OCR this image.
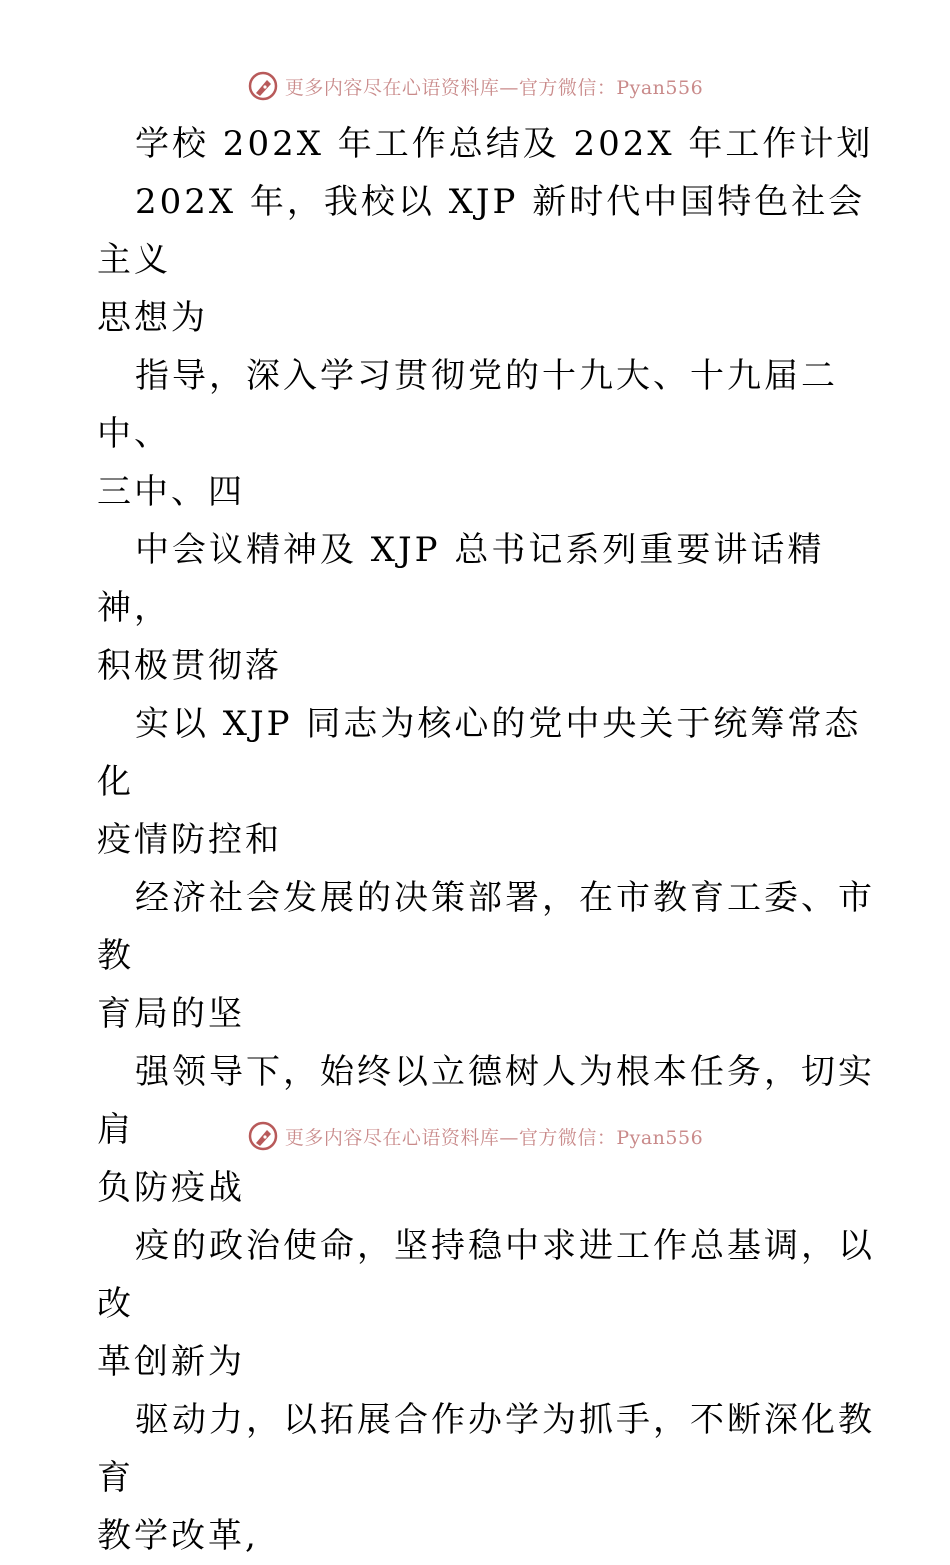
更多内容尽在心语资料库—官方微信：Pyan556

学校 202X 年工作总结及 202X 年工作计划

202X 年，我校以 XJP 新时代中国特色社会主义

思想为

指导，深入学习贯彻党的十九大、十九届二中、

三中、四

中会议精神及 XJP 总书记系列重要讲话精神，

积极贯彻落

实以 XJP 同志为核心的党中央关于统筹常态化

疫情防控和

经济社会发展的决策部署，在市教育工委、市教

育局的坚

强领导下，始终以立德树人为根本任务，切实肩

负防疫战

疫的政治使命，坚持稳中求进工作总基调，以改

革创新为

驱动力，以拓展合作办学为抓手，不断深化教育

教学改革,

更多内容尽在心语资料库—官方微信：Pyan556
